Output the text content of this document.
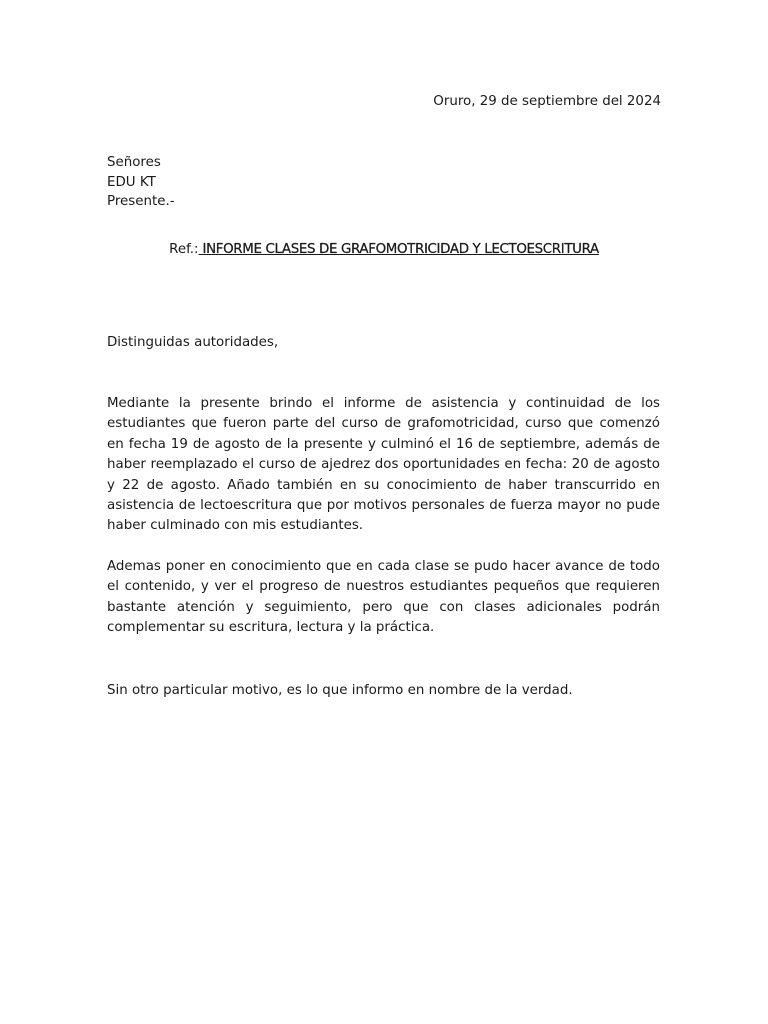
Oruro, 29 de septiembre del 2024
Señores
EDU KT
Presente.-
Ref.: INFORME CLASES DE GRAFOMOTRICIDAD Y LECTOESCRITURA
Distinguidas autoridades,

Mediante la presente brindo el informe de asistencia y continuidad de los estudiantes que fueron parte del curso de grafomotricidad, curso que comenzó en fecha 19 de agosto de la presente y culminó el 16 de septiembre, además de haber reemplazado el curso de ajedrez dos oportunidades en fecha: 20 de agosto y 22 de agosto. Añado también en su conocimiento de haber transcurrido en asistencia de lectoescritura que por motivos personales de fuerza mayor no pude haber culminado con mis estudiantes.

Ademas poner en conocimiento que en cada clase se pudo hacer avance de todo el contenido, y ver el progreso de nuestros estudiantes pequeños que requieren bastante atención y seguimiento, pero que con clases adicionales podrán complementar su escritura, lectura y la práctica.

Sin otro particular motivo, es lo que informo en nombre de la verdad.
